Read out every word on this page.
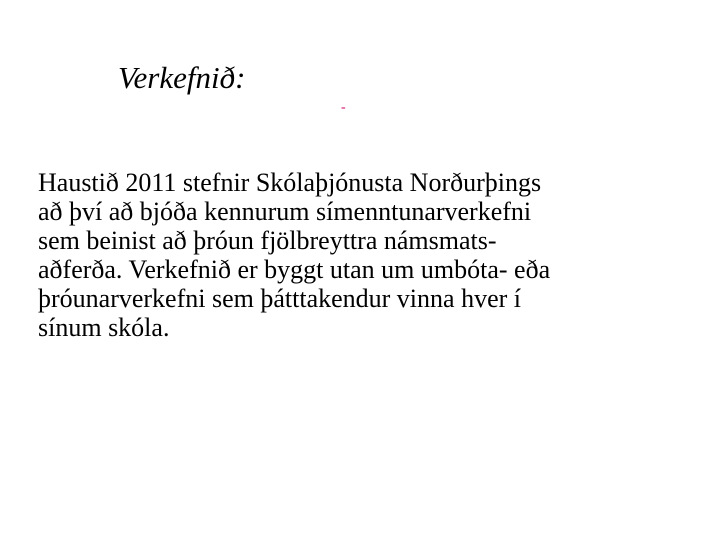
Verkefnið:
-
Haustið 2011 stefnir Skólaþjónusta Norðurþings
að því að bjóða kennurum símenntunarverkefni
sem beinist að þróun fjölbreyttra námsmats-
aðferða. Verkefnið er byggt utan um umbóta- eða
þróunarverkefni sem þátttakendur vinna hver í
sínum skóla.
